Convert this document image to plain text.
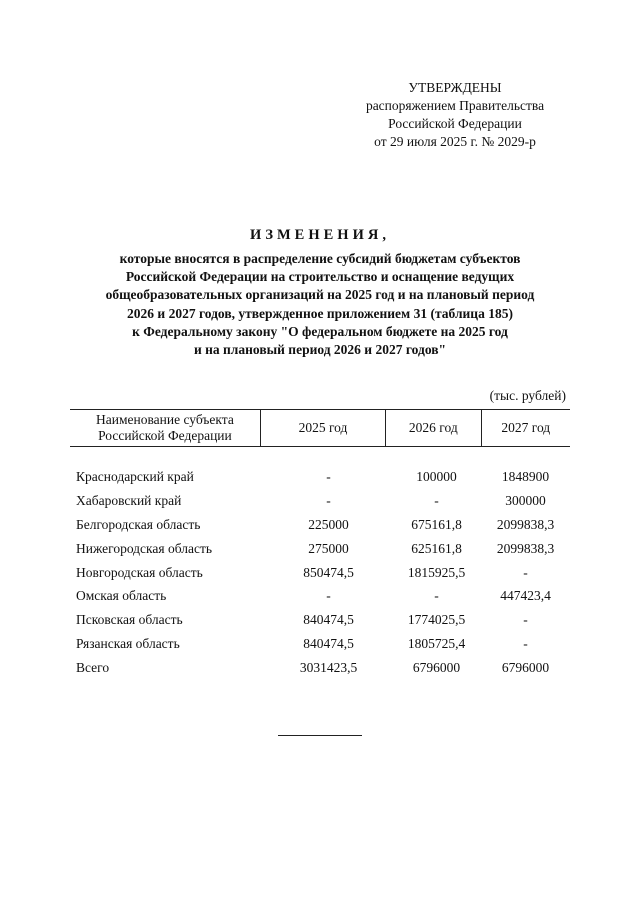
УТВЕРЖДЕНЫ
распоряжением Правительства
Российской Федерации
от 29 июля 2025 г. № 2029-р
ИЗМЕНЕНИЯ,
которые вносятся в распределение субсидий бюджетам субъектов
Российской Федерации на строительство и оснащение ведущих
общеобразовательных организаций на 2025 год и на плановый период
2026 и 2027 годов, утвержденное приложением 31 (таблица 185)
к Федеральному закону "О федеральном бюджете на 2025 год
и на плановый период 2026 и 2027 годов"
(тыс. рублей)
Наименование субъекта
Российской Федерации
2025 год	2026 год	2027 год
Краснодарский край	-	100000	1848900
Хабаровский край	-	-	300000
Белгородская область	225000	675161,8	2099838,3
Нижегородская область	275000	625161,8	2099838,3
Новгородская область	850474,5	1815925,5	-
Омская область	-	-	447423,4
Псковская область	840474,5	1774025,5	-
Рязанская область	840474,5	1805725,4	-
Всего	3031423,5	6796000	6796000
